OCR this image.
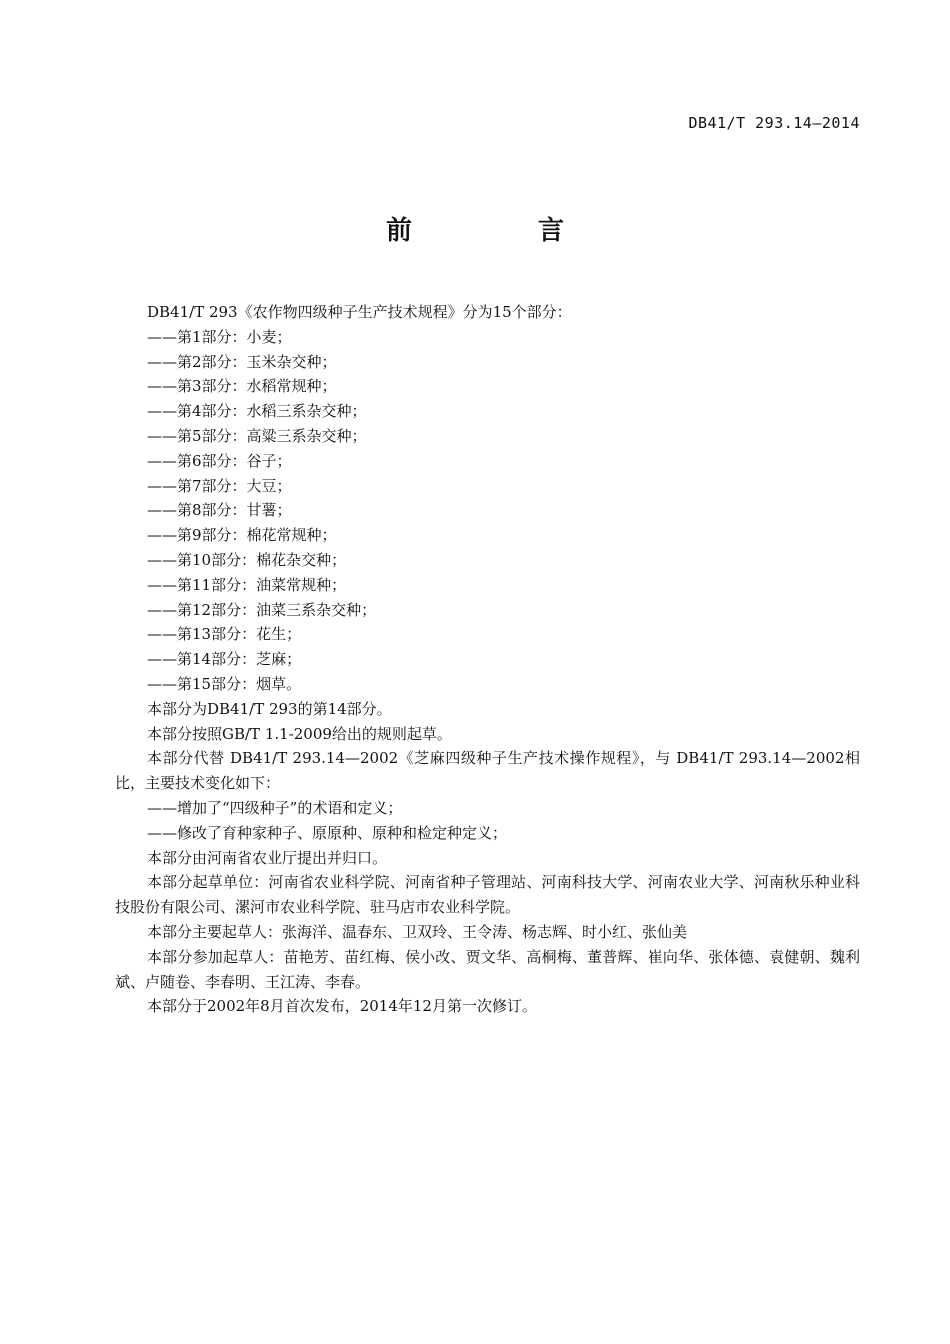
DB41/T 293.14—2014
前　言

DB41/T 293《农作物四级种子生产技术规程》分为15个部分：

——第1部分：小麦；

——第2部分：玉米杂交种；

——第3部分：水稻常规种；

——第4部分：水稻三系杂交种；

——第5部分：高粱三系杂交种；

——第6部分：谷子；

——第7部分：大豆；

——第8部分：甘薯；

——第9部分：棉花常规种；

——第10部分：棉花杂交种；

——第11部分：油菜常规种；

——第12部分：油菜三系杂交种；

——第13部分：花生；

——第14部分：芝麻；

——第15部分：烟草。

本部分为DB41/T 293的第14部分。

本部分按照GB/T 1.1-2009给出的规则起草。

本部分代替 DB41/T 293.14—2002《芝麻四级种子生产技术操作规程》，与 DB41/T 293.14—2002相比，主要技术变化如下：

——增加了“四级种子”的术语和定义；

——修改了育种家种子、原原种、原种和检定种定义；

本部分由河南省农业厅提出并归口。

本部分起草单位：河南省农业科学院、河南省种子管理站、河南科技大学、河南农业大学、河南秋乐种业科技股份有限公司、漯河市农业科学院、驻马店市农业科学院。

本部分主要起草人：张海洋、温春东、卫双玲、王令涛、杨志辉、时小红、张仙美

本部分参加起草人：苗艳芳、苗红梅、侯小改、贾文华、高桐梅、董普辉、崔向华、张体德、袁健朝、魏利斌、卢随卷、李春明、王江涛、李春。

本部分于2002年8月首次发布，2014年12月第一次修订。
